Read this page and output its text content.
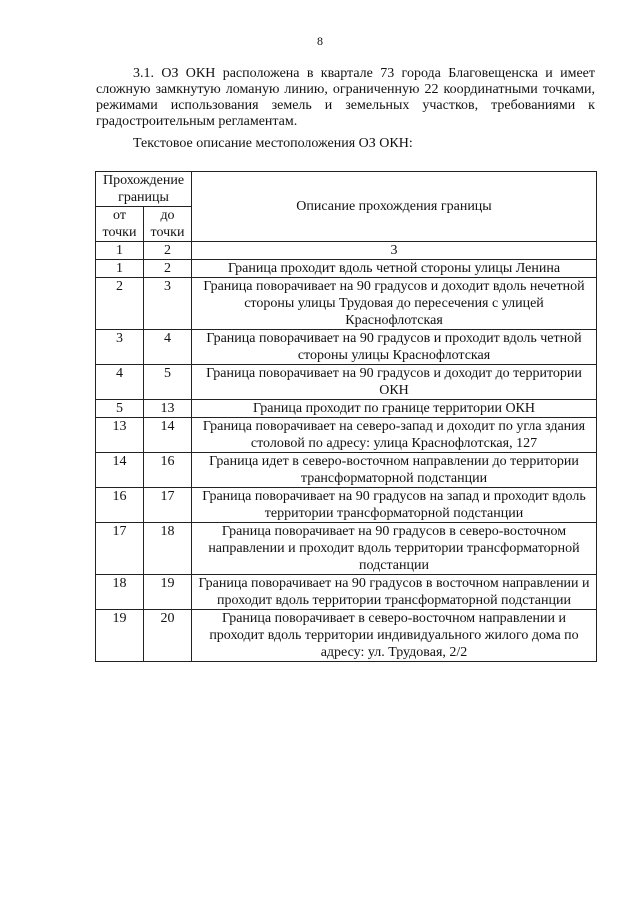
8

3.1. ОЗ ОКН расположена в квартале 73 города Благовещенска и имеет сложную замкнутую ломаную линию, ограниченную 22 координатными точками, режимами использования земель и земельных участков, требованиями к градостроительным регламентам.

Текстовое описание местоположения ОЗ ОКН:

Прохождение границы		Описание прохождения границы
от точки	до точки	
1	2	3
1	2	Граница проходит вдоль четной стороны улицы Ленина
2	3	Граница поворачивает на 90 градусов и доходит вдоль нечетной стороны улицы Трудовая до пересечения с улицей Краснофлотская
3	4	Граница поворачивает на 90 градусов и проходит вдоль четной стороны улицы Краснофлотская
4	5	Граница поворачивает на 90 градусов и доходит до территории ОКН
5	13	Граница проходит по границе территории ОКН
13	14	Граница поворачивает на северо-запад и доходит по угла здания столовой по адресу: улица Краснофлотская, 127
14	16	Граница идет в северо-восточном направлении до территории трансформаторной подстанции
16	17	Граница поворачивает на 90 градусов на запад и проходит вдоль территории трансформаторной подстанции
17	18	Граница поворачивает на 90 градусов в северо-восточном направлении и проходит вдоль территории трансформаторной подстанции
18	19	Граница поворачивает на 90 градусов в восточном направлении и проходит вдоль территории трансформаторной подстанции
19	20	Граница поворачивает в северо-восточном направлении и проходит вдоль территории индивидуального жилого дома по адресу: ул. Трудовая, 2/2
